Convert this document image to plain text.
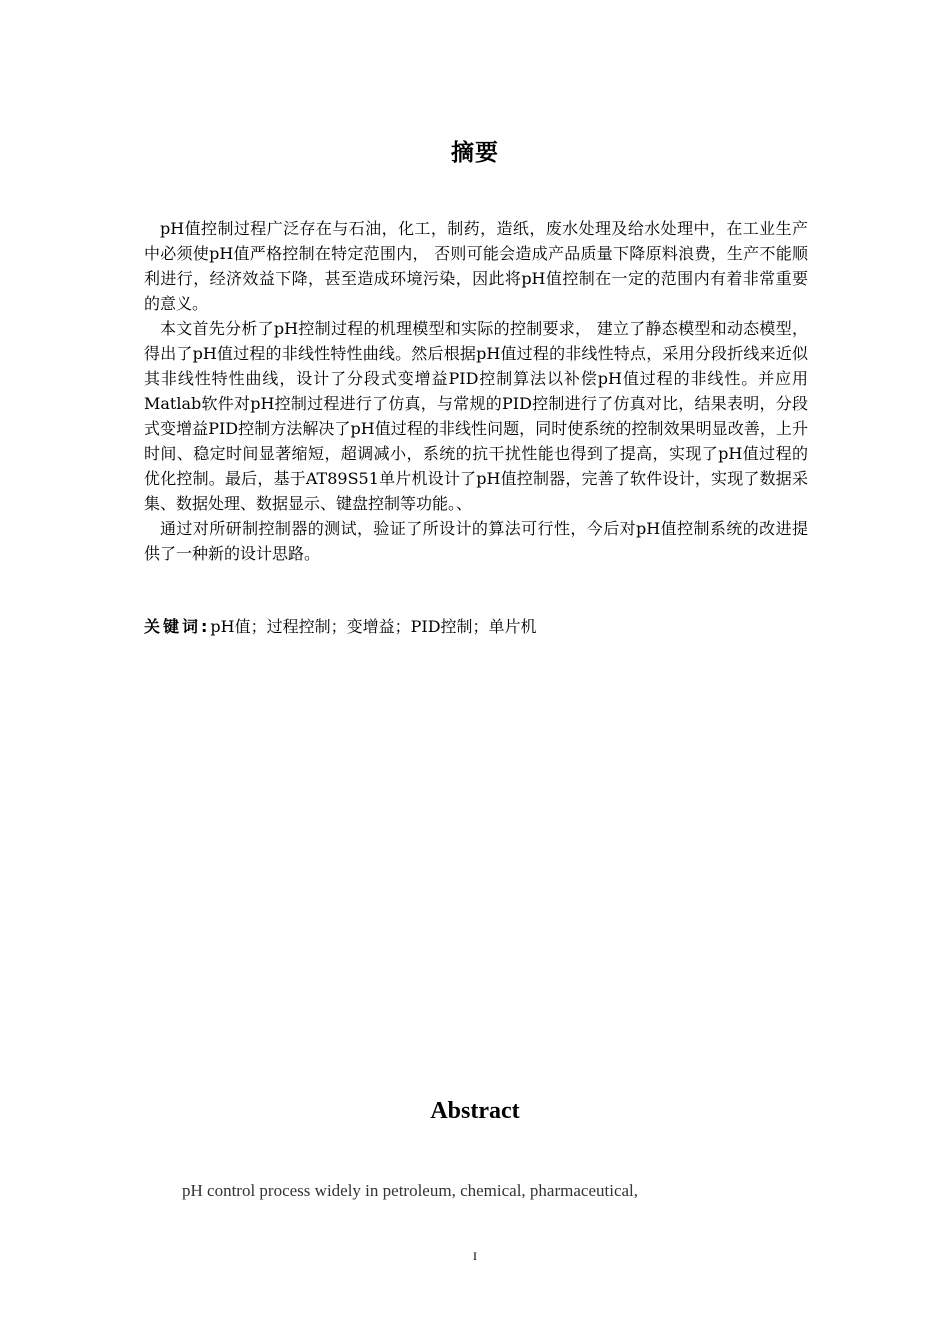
摘要

pH值控制过程广泛存在与石油，化工，制药，造纸，废水处理及给水处理中，在工业生产中必须使pH值严格控制在特定范围内， 否则可能会造成产品质量下降原料浪费，生产不能顺利进行，经济效益下降，甚至造成环境污染，因此将pH值控制在一定的范围内有着非常重要的意义。

本文首先分析了pH控制过程的机理模型和实际的控制要求， 建立了静态模型和动态模型，得出了pH值过程的非线性特性曲线。然后根据pH值过程的非线性特点，采用分段折线来近似其非线性特性曲线，设计了分段式变增益PID控制算法以补偿pH值过程的非线性。并应用Matlab软件对pH控制过程进行了仿真，与常规的PID控制进行了仿真对比，结果表明，分段式变增益PID控制方法解决了pH值过程的非线性问题，同时使系统的控制效果明显改善，上升时间、稳定时间显著缩短，超调减小，系统的抗干扰性能也得到了提高，实现了pH值过程的优化控制。最后，基于AT89S51单片机设计了pH值控制器，完善了软件设计，实现了数据采集、数据处理、数据显示、键盘控制等功能。、

通过对所研制控制器的测试，验证了所设计的算法可行性，今后对pH值控制系统的改进提供了一种新的设计思路。

关键词:pH值；过程控制；变增益；PID控制；单片机
Abstract
pH control process widely in petroleum, chemical, pharmaceutical,
I
